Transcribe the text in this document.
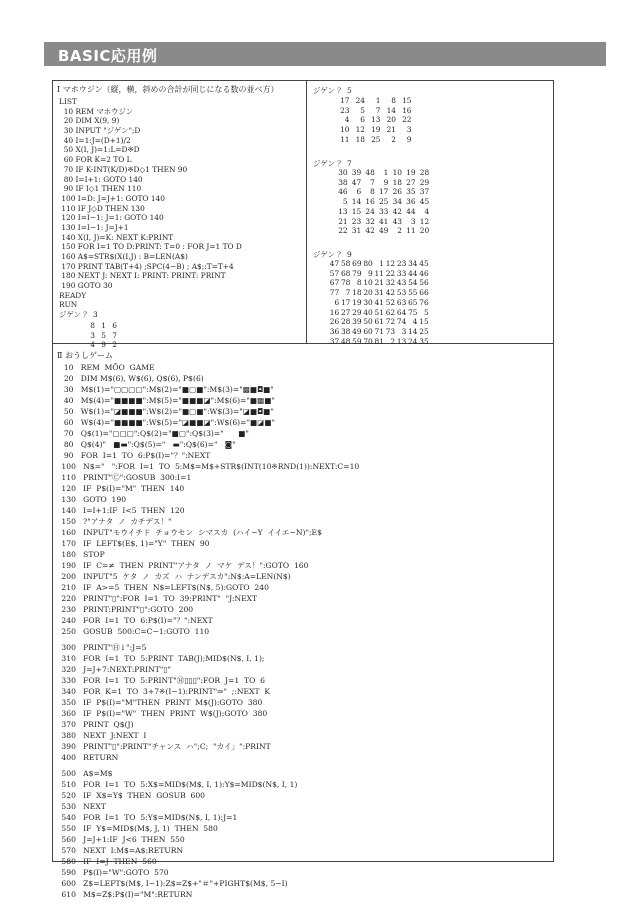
BASIC応用例
Ⅰ マホウジン（縦，横，斜めの合計が同じになる数の並べ方）
LIST
10 REM マホウジン
20 DIM X(9, 9)
30 INPUT "ジゲン";D
40 I=1:J=(D+1)/2
50 X(I, J)=1:L=D※D
60 FOR K=2 TO L
70 IF K-INT(K/D)※D◇1 THEN 90
80 I=I+1: GOTO 140
90 IF I◇1 THEN 110
100 I=D: J=J+1: GOTO 140
110 IF J◇D THEN 130
120 I=I−1: J=1: GOTO 140
130 I=I−1: J=J+1
140 X(I, J)=K: NEXT K:PRINT
150 FOR I=1 TO D:PRINT: T=0 : FOR J=1 TO D
160 A$=STR$(X(I,J) : B=LEN(A$)
170 PRINT TAB(T+4) ;SPC(4−B) ; A$;:T=T+4
180 NEXT J: NEXT I: PRINT: PRINT: PRINT
190 GOTO 30
READY
RUN
ジゲン ？ 3
8	1	6
3	5	7
4	9	2
ジゲン ？ 5
17	24	1	8	15
23	5	7	14	16
4	6	13	20	22
10	12	19	21	3
11	18	25	2	9
ジゲン ？ 7
30	39	48	1	10	19	28
38	47	7	9	18	27	29
46	6	8	17	26	35	37
5	14	16	25	34	36	45
13	15	24	33	42	44	4
21	23	32	41	43	3	12
22	31	42	49	2	11	20
ジゲン ？ 9
47	58	69	80	1	12	23	34	45
57	68	79	9	11	22	33	44	46
67	78	8	10	21	32	43	54	56
77	7	18	20	31	42	53	55	66
6	17	19	30	41	52	63	65	76
16	27	29	40	51	62	64	75	5
26	28	39	50	61	72	74	4	15
36	38	49	60	71	73	3	14	25
37	48	59	70	81	2	13	24	35
Ⅱ おうしゲーム
10   REM  MŌO  GAME
20   DIM M$(6), W$(6), Q$(6), P$(6)
30   M$(1)="▢▢▢▢":M$(2)="■▢■":M$(3)="▩■◘■"
40   M$(4)="■■■■":M$(5)="■■■◪":M$(6)="■▩■"
50   W$(1)="◪■■■":W$(2)="■▢■":W$(3)="◪■◘■"
60   W$(4)="■■■■":W$(5)="◪■■◪":W$(6)="■◪■"
70   Q$(1)="▢▢▢":Q$(2)="■▢":Q$(3)="      ■"
80   Q$(4)"   ■▬":Q$(5)="   ▬":Q$(6)="   ◙"
90   FOR  I=1  TO  6:P$(I)="？":NEXT
100   N$="   ":FOR  I=1  TO  5:M$=M$+STR$(INT(10※RND(1)):NEXT:C=10
110   PRINT"Ⓒ":GOSUB  300:I=1
120   IF  P$(I)="M"  THEN  140
130   GOTO  190
140   I=I+1:IF  I<5  THEN  120
150   ?"アナタ  ノ  カチデス！"
160   INPUT"モウイチド  チョウセン  シマスカ  (ハイ−Y  イイエ−N)";E$
170   IF  LEFT$(E$, 1)="Y"  THEN  90
180   STOP
190   IF  C=≠  THEN  PRINT"アナタ  ノ  マケ  デス！":GOTO  160
200   INPUT"5  ケタ  ノ  カズ  ハ  ナンデスカ":N$:A=LEN(N$)
210   IF  A>=5  THEN  N$=LEFT$(N$, 5):GOTO  240
220   PRINT"▯":FOR  I=1  TO  39:PRINT"  "J:NEXT
230   PRINT:PRINT"▯":GOTO  200
240   FOR  I=1  TO  6:P$(I)="？":NEXT
250   GOSUB  500:C=C−1:GOTO  110
300   PRINT"Ⓗ↓":J=5
310   FOR  I=1  TO  5:PRINT  TAB(J);MID$(N$, I, 1);
320   J=J+7:NEXT:PRINT"▯"
330   FOR  I=1  TO  5:PRINT"Ⓗ▯▯▯":FOR  J=1  TO  6
340   FOR  K=1  TO  3+7※(I−1):PRINT"⇒"  ;:NEXT  K
350   IF  P$(I)="M"THEN  PRINT  M$(J):GOTO  380
360   IF  P$(I)="W"  THEN  PRINT  W$(J):GOTO  380
370   PRINT  Q$(J)
380   NEXT  J:NEXT  I
390   PRINT"▯":PRINT"チャンス  ハ";C;  "カイ」":PRINT
400   RETURN
500   A$=M$
510   FOR  I=1  TO  5:X$=MID$(M$, I, 1):Y$=MID$(N$, I, 1)
520   IF  X$=Y$  THEN  GOSUB  600
530   NEXT
540   FOR  I=1  TO  5:Y$=MID$(N$, I, 1):J=1
550   IF  Y$=MID$(M$, J, 1)  THEN  580
560   J=J+1:IF  J<6  THEN  550
570   NEXT  I:M$=A$:RETURN
580   IF  I=J  THEN  560
590   P$(I)="W":GOTO  570
600   Z$=LEFT$(M$, I−1):Z$=Z$+"＃"+PIGHT$(M$, 5−I)
610   M$=Z$:P$(I)="M":RETURN
